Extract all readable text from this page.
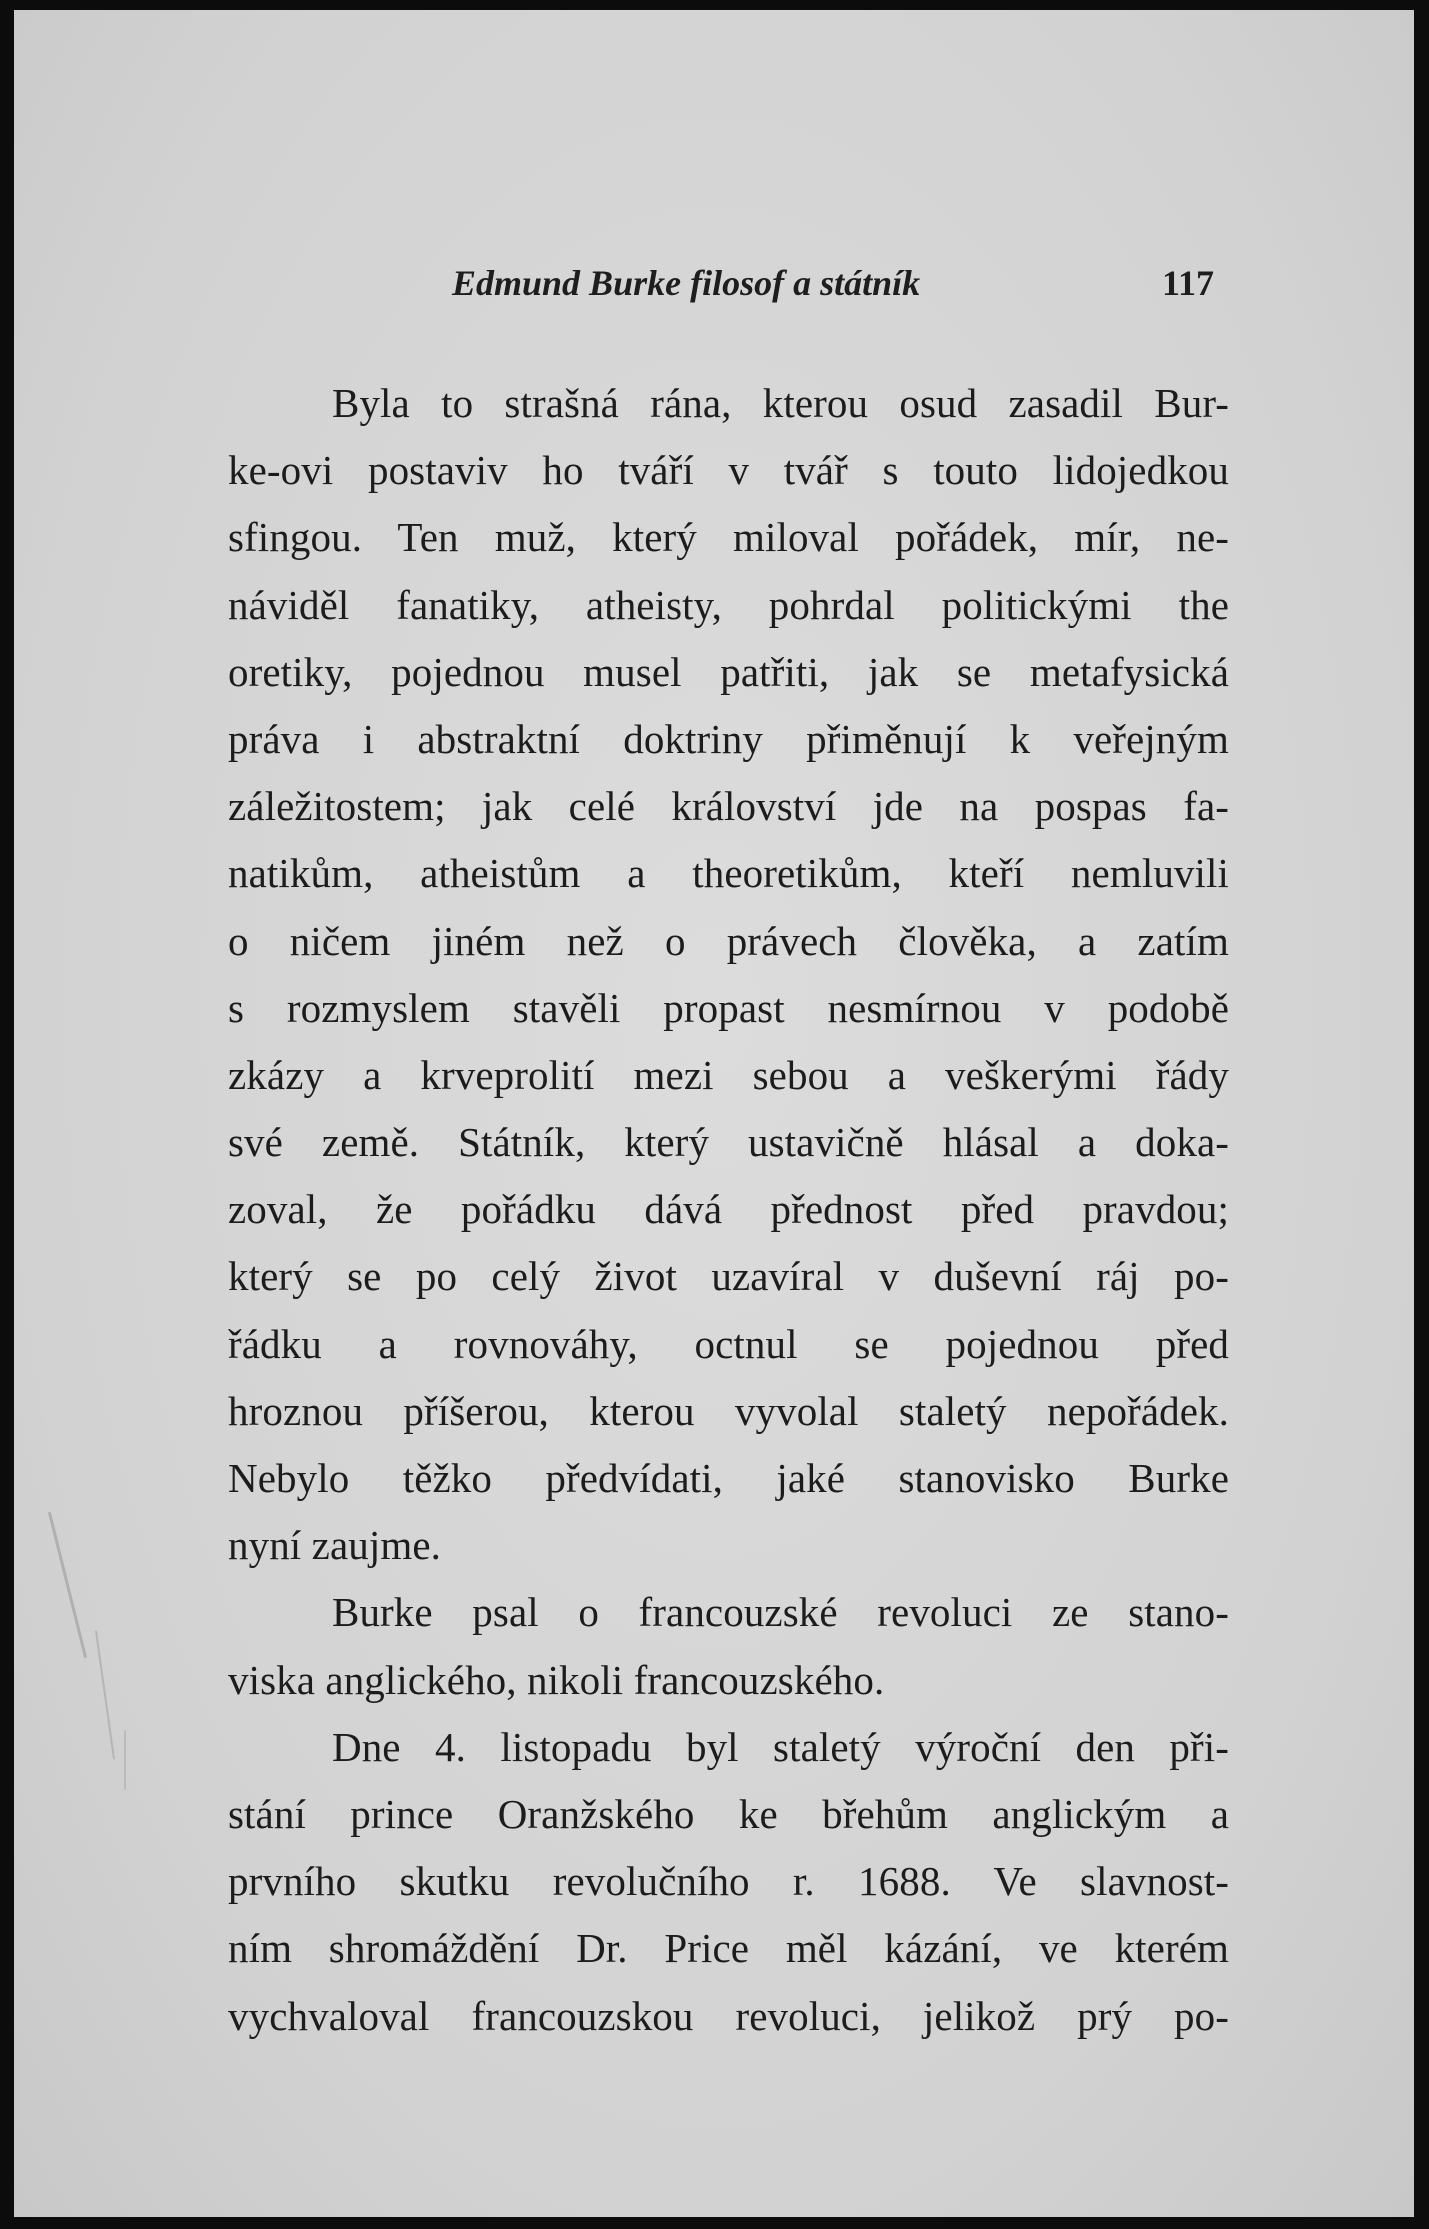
Edmund Burke filosof a státník	117
Byla to strašná rána, kterou osud zasadil Bur-
ke-ovi postaviv ho tváří v tvář s touto lidojedkou
sfingou. Ten muž, který miloval pořádek, mír, ne-
náviděl fanatiky, atheisty, pohrdal politickými the
oretiky, pojednou musel patřiti, jak se metafysická
práva i abstraktní doktriny přiměnují k veřejným
záležitostem; jak celé království jde na pospas fa-
natikům, atheistům a theoretikům, kteří nemluvili
o ničem jiném než o právech člověka, a zatím
s rozmyslem stavěli propast nesmírnou v podobě
zkázy a krveprolití mezi sebou a veškerými řády
své země. Státník, který ustavičně hlásal a doka-
zoval, že pořádku dává přednost před pravdou;
který se po celý život uzavíral v duševní ráj po-
řádku a rovnováhy, octnul se pojednou před
hroznou příšerou, kterou vyvolal staletý nepořádek.
Nebylo těžko předvídati, jaké stanovisko Burke
nyní zaujme.
Burke psal o francouzské revoluci ze stano-
viska anglického, nikoli francouzského.
Dne 4. listopadu byl staletý výroční den při-
stání prince Oranžského ke břehům anglickým a
prvního skutku revolučního r. 1688. Ve slavnost-
ním shromáždění Dr. Price měl kázání, ve kterém
vychvaloval francouzskou revoluci, jelikož prý po-
